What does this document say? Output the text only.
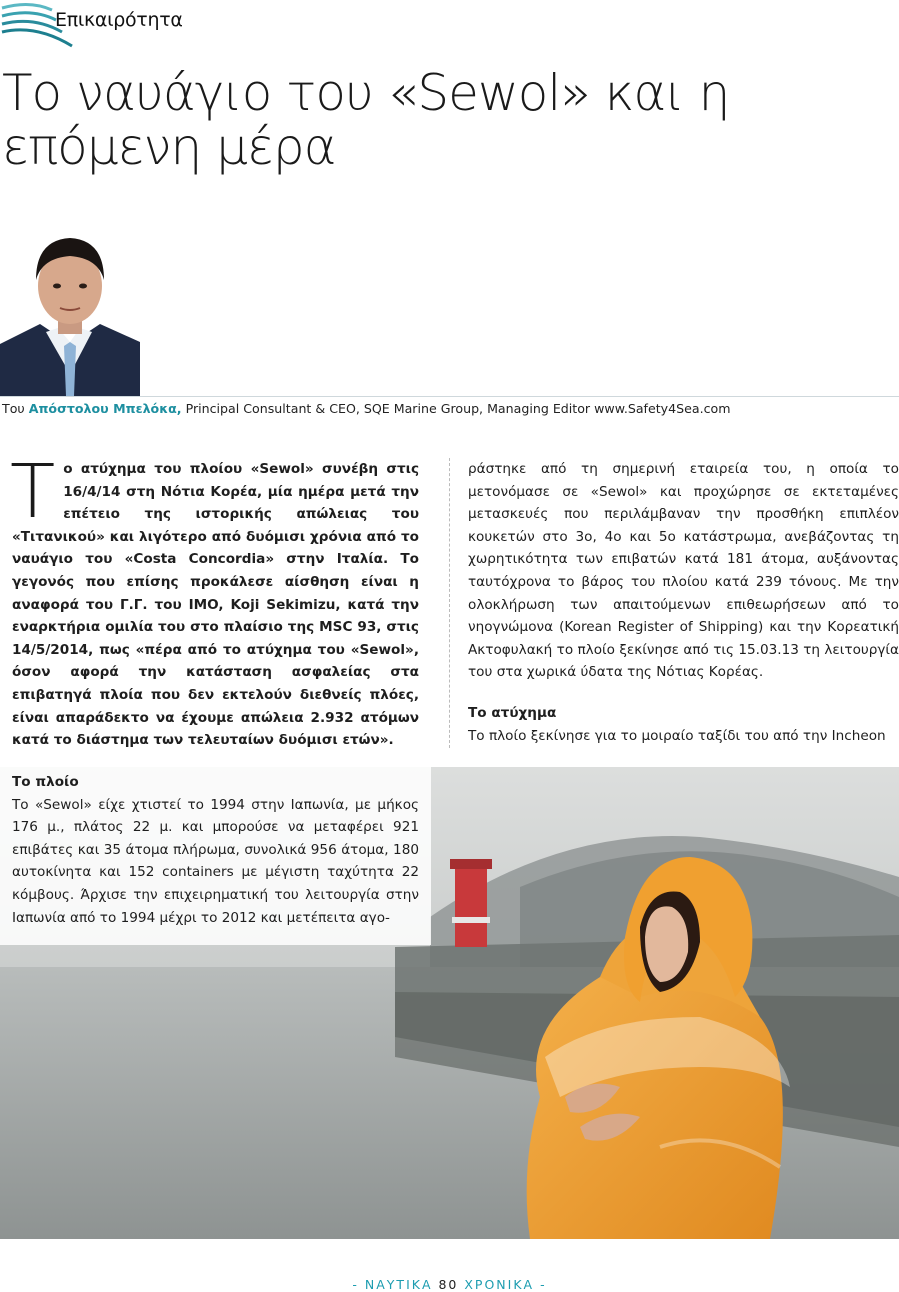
Επικαιρότητα
Το ναυάγιο του «Sewol» και η επόμενη μέρα
Του Απόστολου Μπελόκα, Principal Consultant & CEO, SQE Marine Group, Managing Editor www.Safety4Sea.com
Τ ο ατύχημα του πλοίου «Sewol» συνέβη στις 16/4/14 στη Νότια Κορέα, μία ημέρα μετά την επέτειο της ιστορικής απώλειας του «Τιτανικού» και λιγότερο από δυόμισι χρόνια από το ναυάγιο του «Costa Concordia» στην Ιταλία. Το γεγονός που επίσης προκάλεσε αίσθηση είναι η αναφορά του Γ.Γ. του IMO, Koji Sekimizu, κατά την εναρκτήρια ομιλία του στο πλαίσιο της MSC 93, στις 14/5/2014, πως «πέρα από το ατύχημα του «Sewol», όσον αφορά την κατάσταση ασφαλείας στα επιβατηγά πλοία που δεν εκτελούν διεθνείς πλόες, είναι απαράδεκτο να έχουμε απώλεια 2.932 ατόμων κατά το διάστημα των τελευταίων δυόμισι ετών».
ράστηκε από τη σημερινή εταιρεία του, η οποία το μετονόμασε σε «Sewol» και προχώρησε σε εκτεταμένες μετασκευές που περιλάμβαναν την προσθήκη επιπλέον κουκετών στο 3ο, 4ο και 5ο κατάστρωμα, ανεβάζοντας τη χωρητικότητα των επιβατών κατά 181 άτομα, αυξάνοντας ταυτόχρονα το βάρος του πλοίου κατά 239 τόνους. Με την ολοκλήρωση των απαιτούμενων επιθεωρήσεων από το νηογνώμονα (Korean Register of Shipping) και την Κορεατική Ακτοφυλακή το πλοίο ξεκίνησε από τις 15.03.13 τη λειτουργία του στα χωρικά ύδατα της Νότιας Κορέας.
Το ατύχημα
Το πλοίο ξεκίνησε για το μοιραίο ταξίδι του από την Incheon
Το πλοίο
Το «Sewol» είχε χτιστεί το 1994 στην Ιαπωνία, με μήκος 176 μ., πλάτος 22 μ. και μπορούσε να μεταφέρει 921 επιβάτες και 35 άτομα πλήρωμα, συνολικά 956 άτομα, 180 αυτοκίνητα και 152 containers με μέγιστη ταχύτητα 22 κόμβους. Άρχισε την επιχειρηματική του λειτουργία στην Ιαπωνία από το 1994 μέχρι το 2012 και μετέπειτα αγο-
- ΝΑΥΤΙΚΑ 80 ΧΡΟΝΙΚΑ -
